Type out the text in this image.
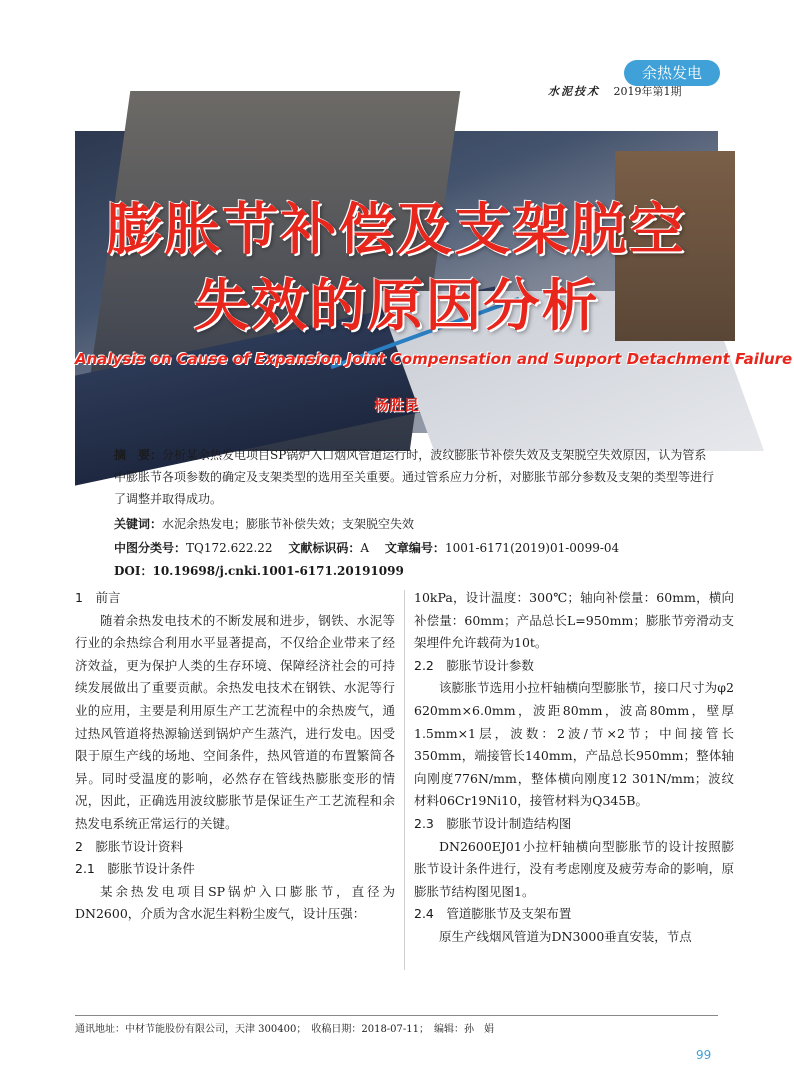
余热发电
水泥技术 2019年第1期
膨胀节补偿及支架脱空
失效的原因分析
Analysis on Cause of Expansion Joint Compensation and Support Detachment Failure
杨胜昆
摘　要：分析某余热发电项目SP锅炉入口烟风管道运行时，波纹膨胀节补偿失效及支架脱空失效原因，认为管系中膨胀节各项参数的确定及支架类型的选用至关重要。通过管系应力分析，对膨胀节部分参数及支架的类型等进行了调整并取得成功。
关键词：水泥余热发电；膨胀节补偿失效；支架脱空失效
中图分类号：TQ172.622.22 文献标识码：A 文章编号：1001-6171(2019)01-0099-04
DOI：10.19698/j.cnki.1001-6171.20191099
1　前言

随着余热发电技术的不断发展和进步，钢铁、水泥等行业的余热综合利用水平显著提高，不仅给企业带来了经济效益，更为保护人类的生存环境、保障经济社会的可持续发展做出了重要贡献。余热发电技术在钢铁、水泥等行业的应用，主要是利用原生产工艺流程中的余热废气，通过热风管道将热源输送到锅炉产生蒸汽，进行发电。因受限于原生产线的场地、空间条件，热风管道的布置繁简各异。同时受温度的影响，必然存在管线热膨胀变形的情况，因此，正确选用波纹膨胀节是保证生产工艺流程和余热发电系统正常运行的关键。

2　膨胀节设计资料
2.1　膨胀节设计条件

某余热发电项目SP锅炉入口膨胀节，直径为DN2600，介质为含水泥生料粉尘废气，设计压强：

10kPa，设计温度：300℃；轴向补偿量：60mm，横向补偿量：60mm；产品总长L=950mm；膨胀节旁滑动支架埋件允许载荷为10t。

2.2　膨胀节设计参数

该膨胀节选用小拉杆轴横向型膨胀节，接口尺寸为φ2 620mm×6.0mm，波距80mm，波高80mm，壁厚1.5mm×1层，波数：2波/节×2节；中间接管长350mm，端接管长140mm，产品总长950mm；整体轴向刚度776N/mm，整体横向刚度12 301N/mm；波纹材料06Cr19Ni10，接管材料为Q345B。

2.3　膨胀节设计制造结构图

DN2600EJ01小拉杆轴横向型膨胀节的设计按照膨胀节设计条件进行，没有考虑刚度及疲劳寿命的影响，原膨胀节结构图见图1。

2.4　管道膨胀节及支架布置

原生产线烟风管道为DN3000垂直安装，节点

通讯地址：中材节能股份有限公司，天津 300400；　收稿日期：2018-07-11；　编辑：孙　娟
99
